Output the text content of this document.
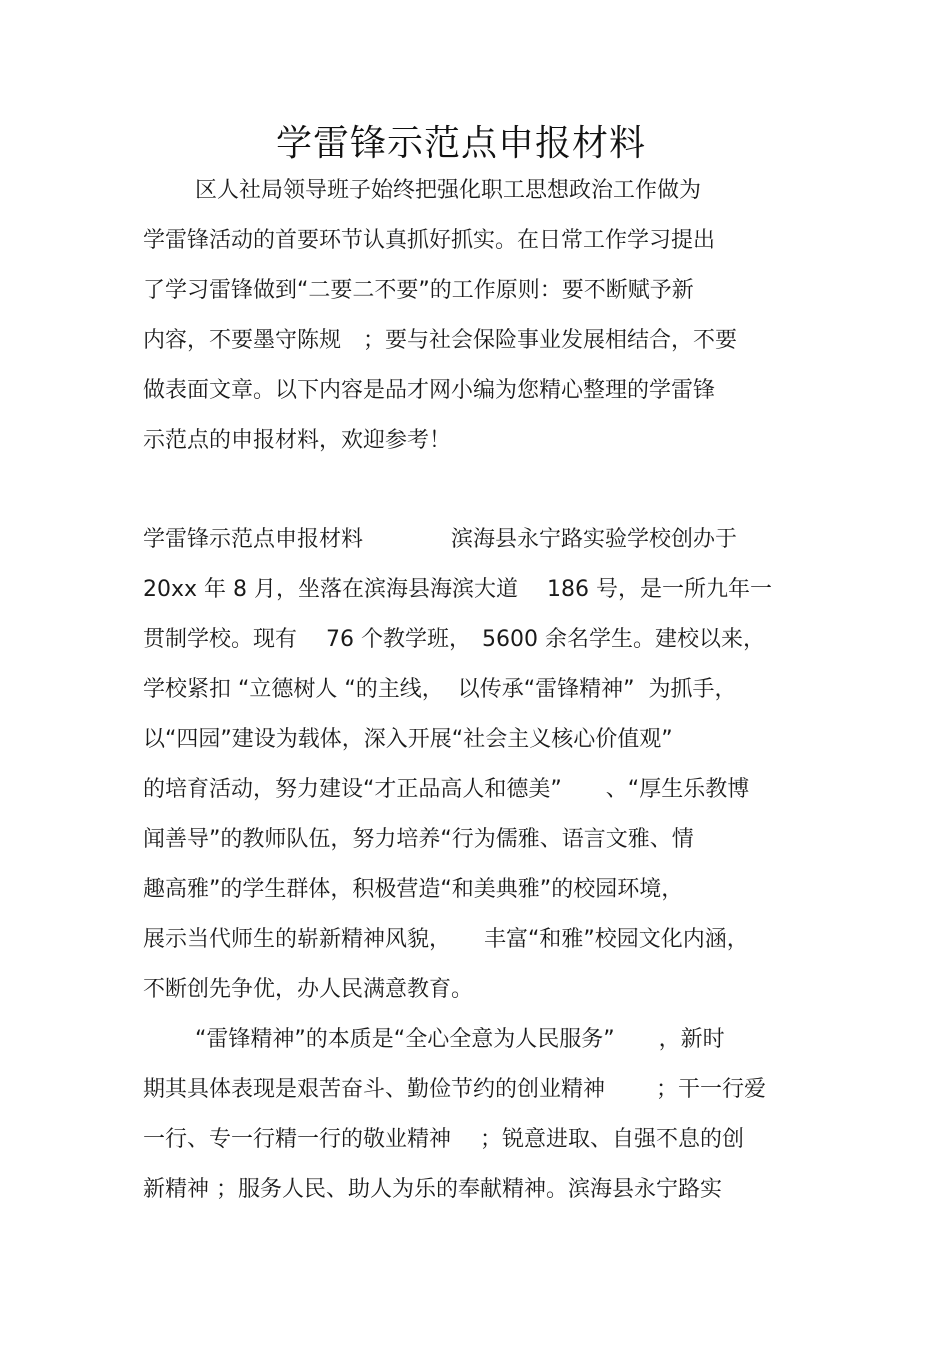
学雷锋示范点申报材料
区人社局领导班子始终把强化职工思想政治工作做为
学雷锋活动的首要环节认真抓好抓实。在日常工作学习提出
了学习雷锋做到“二要二不要”的工作原则：要不断赋予新
内容，不要墨守陈规　；要与社会保险事业发展相结合，不要
做表面文章。以下内容是品才网小编为您精心整理的学雷锋
示范点的申报材料，欢迎参考！
学雷锋示范点申报材料　　　　滨海县永宁路实验学校创办于
20xx 年 8 月，坐落在滨海县海滨大道　 186 号，是一所九年一
贯制学校。现有　 76 个教学班，　5600 余名学生。建校以来，
学校紧扣 “立德树人 “的主线，  以传承“雷锋精神”  为抓手，
以“四园”建设为载体，深入开展“社会主义核心价值观”
的培育活动，努力建设“才正品高人和德美”　　、“厚生乐教博
闻善导”的教师队伍，努力培养“行为儒雅、语言文雅、情
趣高雅”的学生群体，积极营造“和美典雅”的校园环境，
展示当代师生的崭新精神风貌，　　丰富“和雅”校园文化内涵，
不断创先争优，办人民满意教育。
“雷锋精神”的本质是“全心全意为人民服务”　　，新时
期其具体表现是艰苦奋斗、勤俭节约的创业精神　　 ；干一行爱
一行、专一行精一行的敬业精神　 ；锐意进取、自强不息的创
新精神 ；服务人民、助人为乐的奉献精神。滨海县永宁路实
